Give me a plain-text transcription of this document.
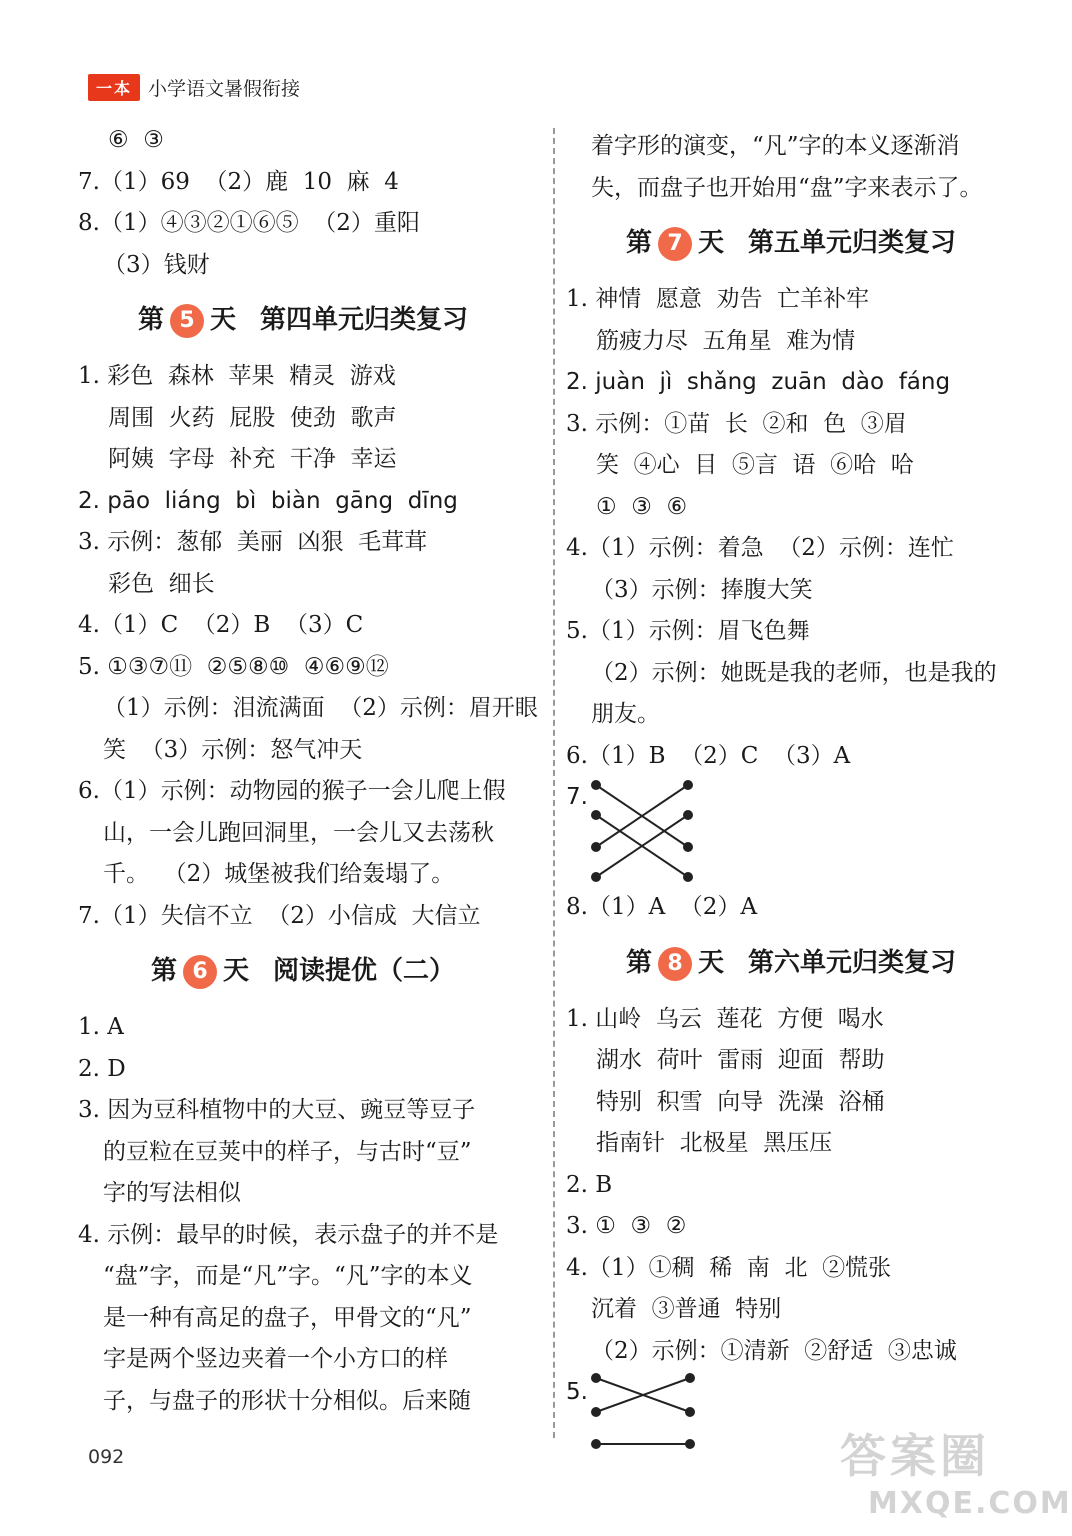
一本 小学语文暑假衔接
⑥  ③
7.（1）69  （2）鹿  10  麻  4
8.（1）④③②①⑥⑤  （2）重阳
（3）钱财
第 5 天 第四单元归类复习
1. 彩色  森林  苹果  精灵  游戏
周围  火药  屁股  使劲  歌声
阿姨  字母  补充  干净  幸运
2. pāo  liáng  bì  biàn  gāng  dīng
3. 示例：葱郁  美丽  凶狠  毛茸茸
彩色  细长
4.（1）C  （2）B  （3）C
5. ①③⑦⑪  ②⑤⑧⑩  ④⑥⑨⑫
（1）示例：泪流满面  （2）示例：眉开眼
笑  （3）示例：怒气冲天
6.（1）示例：动物园的猴子一会儿爬上假
山，一会儿跑回洞里，一会儿又去荡秋
千。  （2）城堡被我们给轰塌了。
7.（1）失信不立  （2）小信成  大信立
第 6 天 阅读提优（二）
1. A
2. D
3. 因为豆科植物中的大豆、豌豆等豆子
的豆粒在豆荚中的样子，与古时“豆”
字的写法相似
4. 示例：最早的时候，表示盘子的并不是
“盘”字，而是“凡”字。“凡”字的本义
是一种有高足的盘子，甲骨文的“凡”
字是两个竖边夹着一个小方口的样
子，与盘子的形状十分相似。后来随
着字形的演变，“凡”字的本义逐渐消
失，而盘子也开始用“盘”字来表示了。
第 7 天 第五单元归类复习
1. 神情  愿意  劝告  亡羊补牢
筋疲力尽  五角星  难为情
2. juàn  jì  shǎng  zuān  dào  fáng
3. 示例：①苗  长  ②和  色  ③眉
笑  ④心  目  ⑤言  语  ⑥哈  哈
①  ③  ⑥
4.（1）示例：着急  （2）示例：连忙
（3）示例：捧腹大笑
5.（1）示例：眉飞色舞
（2）示例：她既是我的老师，也是我的
朋友。
6.（1）B  （2）C  （3）A
7.
8.（1）A  （2）A
第 8 天 第六单元归类复习
1. 山岭  乌云  莲花  方便  喝水
湖水  荷叶  雷雨  迎面  帮助
特别  积雪  向导  洗澡  浴桶
指南针  北极星  黑压压
2. B
3. ①  ③  ②
4.（1）①稠  稀  南  北  ②慌张
沉着  ③普通  特别
（2）示例：①清新  ②舒适  ③忠诚
5.
092	答案圈
MXQE.COM
